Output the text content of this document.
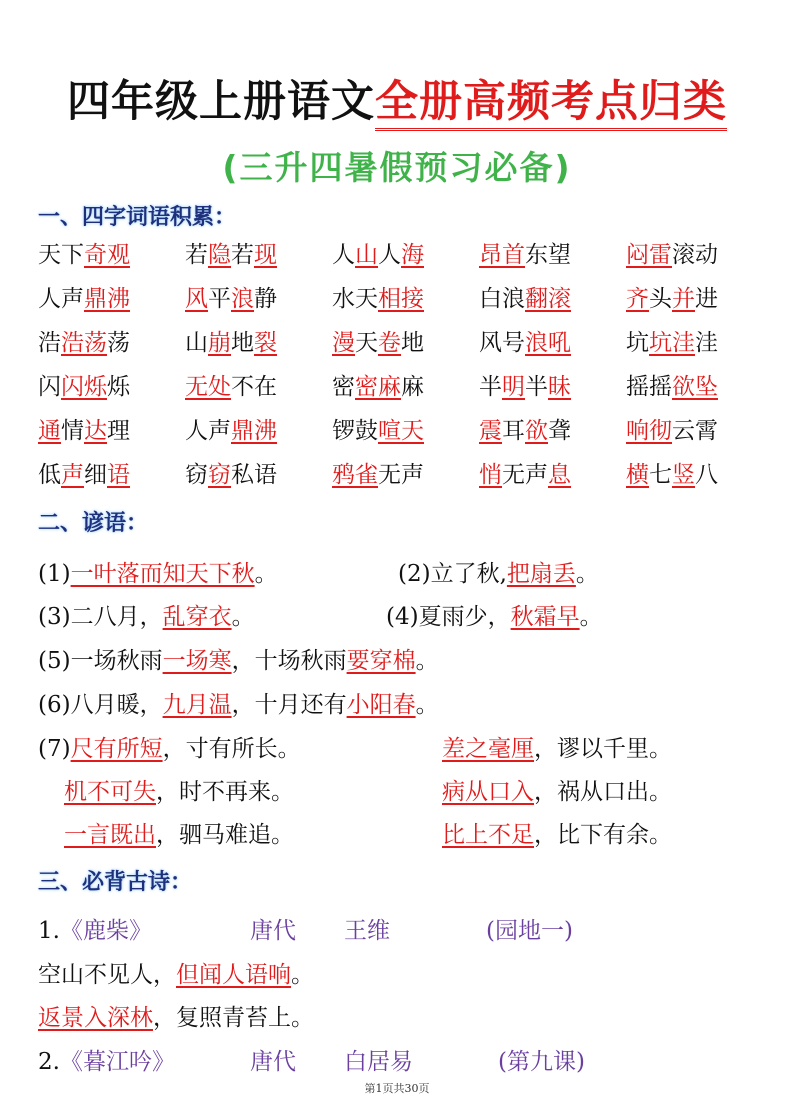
四年级上册语文全册高频考点归类
(三升四暑假预习必备)
一、四字词语积累：
天下奇观 若隐若现 人山人海 昂首东望 闷雷滚动
人声鼎沸 风平浪静 水天相接 白浪翻滚 齐头并进
浩浩荡荡 山崩地裂 漫天卷地 风号浪吼 坑坑洼洼
闪闪烁烁 无处不在 密密麻麻 半明半昧 摇摇欲坠
通情达理 人声鼎沸 锣鼓喧天 震耳欲聋 响彻云霄
低声细语 窃窃私语 鸦雀无声 悄无声息 横七竖八
二、谚语：
(1)一叶落而知天下秋。	(2)立了秋,把扇丢。
(3)二八月，乱穿衣。	(4)夏雨少，秋霜早。
(5)一场秋雨一场寒，十场秋雨要穿棉。
(6)八月暖，九月温，十月还有小阳春。
(7)尺有所短，寸有所长。	差之毫厘，谬以千里。
机不可失，时不再来。	病从口入，祸从口出。
一言既出，驷马难追。	比上不足，比下有余。
三、必背古诗：
1.《鹿柴》	唐代 王维	(园地一)
空山不见人，但闻人语响。
返景入深林，复照青苔上。
2.《暮江吟》	唐代 白居易	(第九课)
第1页共30页
